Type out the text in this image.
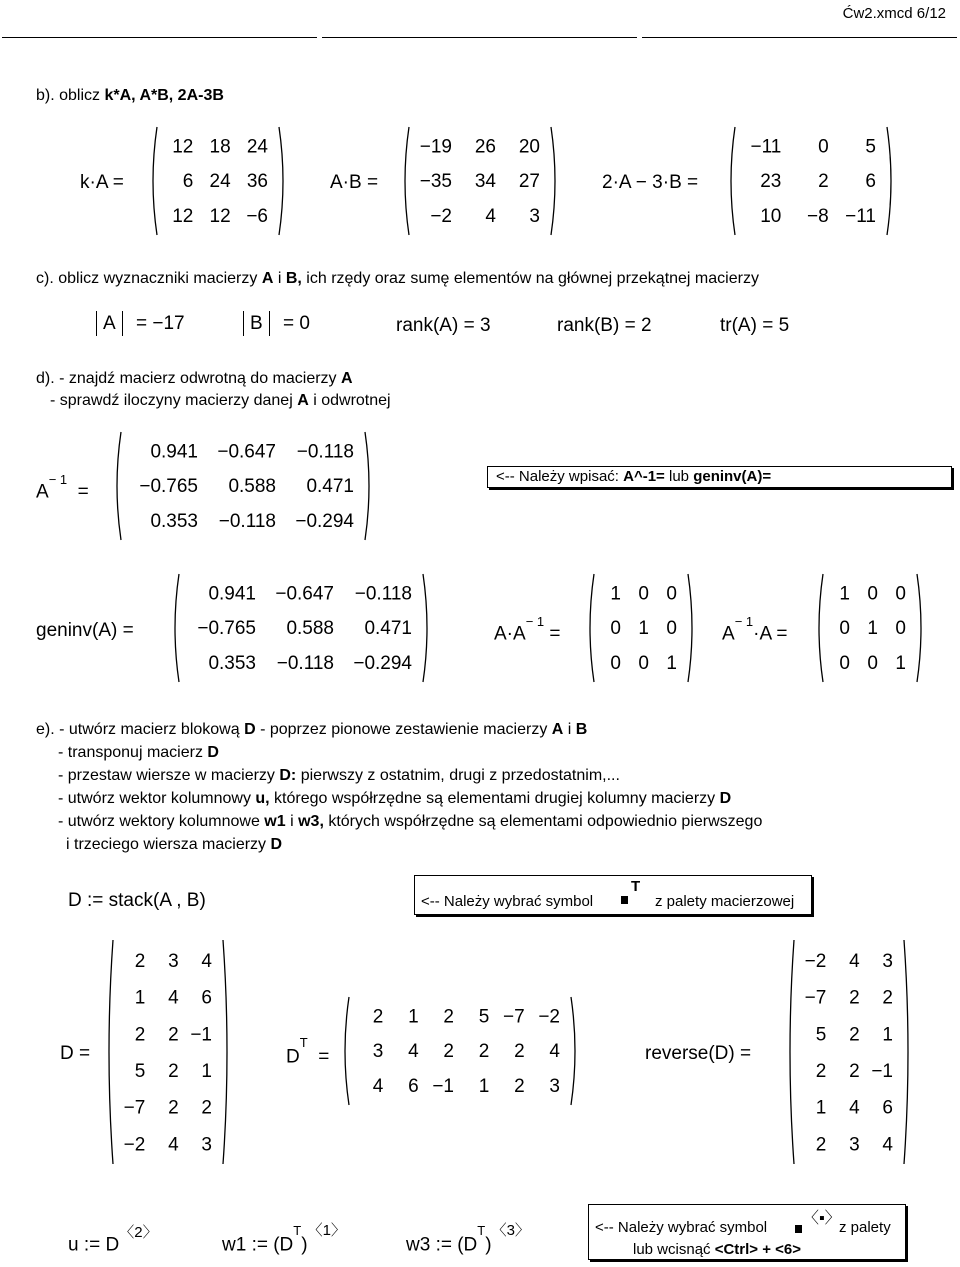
Ćw2.xmcd 6/12
b). oblicz k*A, A*B, 2A-3B
k·A =
12 18 24
6 24 36
12 12 −6
A·B =
−19 26 20
−35 34 27
−2 4 3
2·A − 3·B =
−11 0 5
23 2 6
10 −8 −11
c). oblicz wyznaczniki macierzy A i B, ich rzędy oraz sumę elementów na głównej przekątnej macierzy
A = −17	B = 0	rank(A) = 3	rank(B) = 2	tr(A) = 5
d). - znajdź macierz odwrotną do macierzy A
- sprawdź iloczyny macierzy danej A i odwrotnej
$A^{- 1}$  =
0.941 −0.647 −0.118
−0.765 0.588 0.471
0.353 −0.118 −0.294
<-- Należy wpisać: A^-1= lub geninv(A)=
geninv(A) =
0.941 −0.647 −0.118
−0.765 0.588 0.471
0.353 −0.118 −0.294
$A\cdot A^{- 1}$ =
1 0 0
0 1 0
0 0 1
$A^{- 1}\cdot A$ =
1 0 0
0 1 0
0 0 1
e). - utwórz macierz blokową D - poprzez pionowe zestawienie macierzy A i B
- transponuj macierz D
- przestaw wiersze w macierzy D: pierwszy z ostatnim, drugi z przedostatnim,...
- utwórz wektor kolumnowy u, którego współrzędne są elementami drugiej kolumny macierzy D
- utwórz wektory kolumnowe w1 i w3, których współrzędne są elementami odpowiednio pierwszego
i trzeciego wiersza macierzy D
D := stack(A , B)	<-- Należy wybrać symbol
T
z palety macierzowej
D =
2 3 4
1 4 6
2 2 −1
5 2 1
−7 2 2
−2 4 3
$D^T$  =
2 1 2 5 −7 −2
3 4 2 2 2 4
4 6 −1 1 2 3
reverse(D) =
−2 4 3
−7 2 2
5 2 1
2 2 −1
1 4 6
2 3 4
u := $D^{〈2〉}$
w1 := $(D^T)^{〈1〉}$
w3 := $(D^T)^{〈3〉}$	<-- Należy wybrać symbol
〈▪〉
z palety
lub wcisnąć <Ctrl> + <6>
